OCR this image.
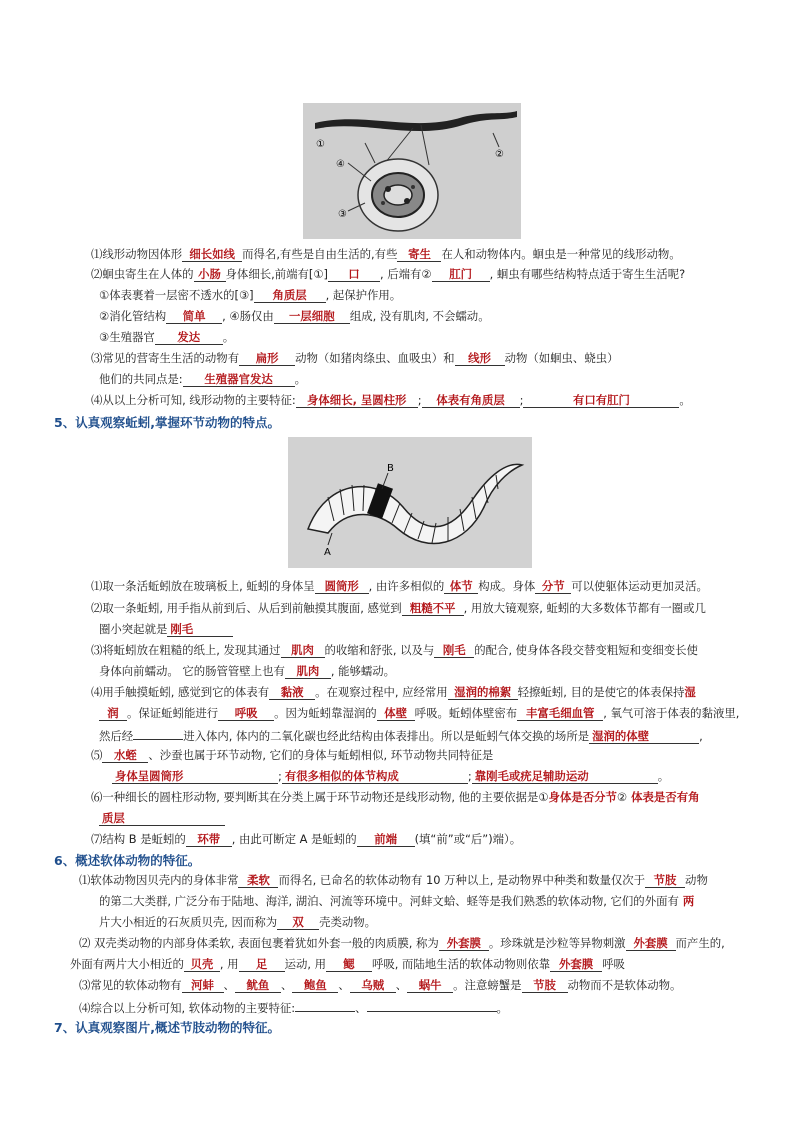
①
②
③
④
⑴线形动物因体形 细长如线 而得名,有些是自由生活的,有些 寄生 在人和动物体内。蛔虫是一种常见的线形动物。
⑵蛔虫寄生在人体的 小肠 身体细长,前端有[①] 口 , 后端有② 肛门 , 蛔虫有哪些结构特点适于寄生生活呢?
①体表裹着一层密不透水的[③] 角质层 , 起保护作用。
②消化管结构 简单 , ④肠仅由 一层细胞 组成, 没有肌肉, 不会蠕动。
③生殖器官 发达 。
⑶常见的营寄生生活的动物有 扁形 动物（如猪肉绦虫、血吸虫）和 线形 动物（如蛔虫、蛲虫）
他们的共同点是: 生殖器官发达 。
⑷从以上分析可知, 线形动物的主要特征: 身体细长, 呈圆柱形 ; 体表有角质层 ;	有口有肛门	。
5、认真观察蚯蚓,掌握环节动物的特点。
B
A
⑴取一条活蚯蚓放在玻璃板上, 蚯蚓的身体呈 圆筒形 , 由许多相似的 体节 构成。身体 分节 可以使躯体运动更加灵活。
⑵取一条蚯蚓, 用手指从前到后、从后到前触摸其腹面, 感觉到 粗糙不平 , 用放大镜观察, 蚯蚓的大多数体节都有一圈或几
圈小突起就是 刚毛
⑶将蚯蚓放在粗糙的纸上, 发现其通过 肌肉 的收缩和舒张, 以及与 刚毛 的配合, 使身体各段交替变粗短和变细变长使
身体向前蠕动。 它的肠管管壁上也有 肌肉 , 能够蠕动。
⑷用手触摸蚯蚓, 感觉到它的体表有 黏液 。在观察过程中, 应经常用 湿润的棉絮 轻擦蚯蚓, 目的是使它的体表保持湿
润 。保证蚯蚓能进行 呼吸 。因为蚯蚓靠湿润的 体壁 呼吸。蚯蚓体壁密布 丰富毛细血管 , 氧气可溶于体表的黏液里,
然后经	进入体内, 体内的二氧化碳也经此结构由体表排出。所以是蚯蚓气体交换的场所是 湿润的体壁	,
⑸ 水蛭 、沙蚕也属于环节动物, 它们的身体与蚯蚓相似, 环节动物共同特征是
身体呈圆筒形	; 有很多相似的体节构成	; 靠刚毛或疣足辅助运动	。
⑹一种细长的圆柱形动物, 要判断其在分类上属于环节动物还是线形动物, 他的主要依据是①身体是否分节② 体表是否有角
质层
⑺结构 B 是蚯蚓的 环带 , 由此可断定 A 是蚯蚓的 前端 (填“前”或“后”)端）。
6、概述软体动物的特征。
⑴软体动物因贝壳内的身体非常 柔软 而得名, 已命名的软体动物有 10 万种以上, 是动物界中种类和数量仅次于 节肢 动物
的第二大类群, 广泛分布于陆地、海洋, 湖泊、河流等环境中。河蚌文蛤、蛏等是我们熟悉的软体动物, 它们的外面有 两
片大小相近的石灰质贝壳, 因而称为 双 壳类动物。
⑵ 双壳类动物的内部身体柔软, 表面包裹着犹如外套一般的肉质膜, 称为 外套膜 。珍珠就是沙粒等异物刺激 外套膜 而产生的,
外面有两片大小相近的 贝壳 , 用 足 运动, 用 鳃 呼吸, 而陆地生活的软体动物则依靠 外套膜 呼吸
⑶常见的软体动物有 河蚌 、 鱿鱼 、 鲍鱼 、 乌贼 、 蜗牛 。注意螃蟹是 节肢 动物而不是软体动物。
⑷综合以上分析可知, 软体动物的主要特征:	、	。
7、认真观察图片,概述节肢动物的特征。
